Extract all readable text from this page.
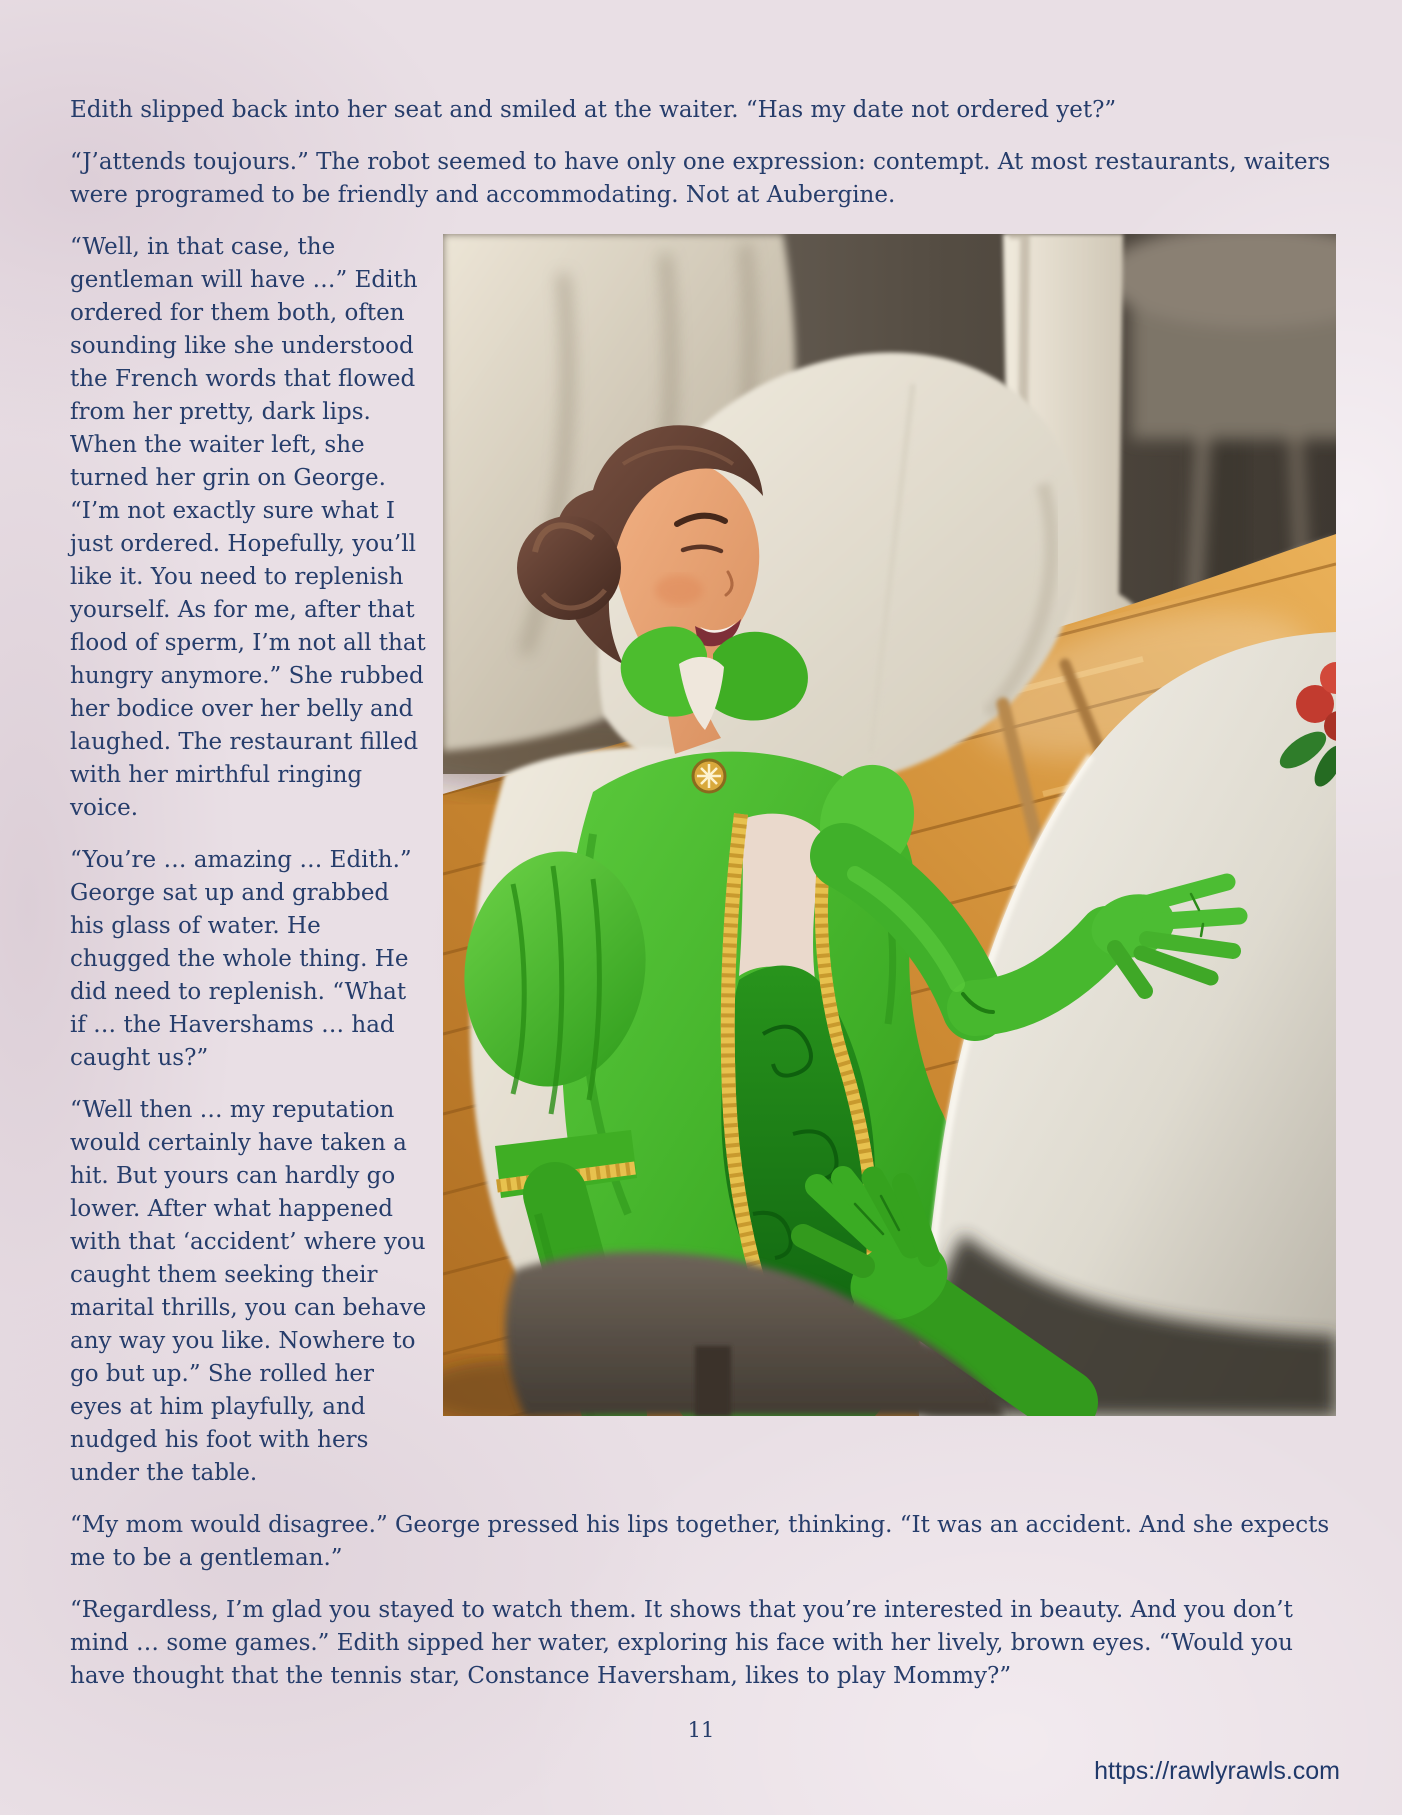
Edith slipped back into her seat and smiled at the waiter. “Has my date not ordered yet?”

“J’attends toujours.” The robot seemed to have only one expression: contempt. At most restaurants, waiters were programed to be friendly and accommodating. Not at Aubergine.

“Well, in that case, the gentleman will have …” Edith ordered for them both, often sounding like she understood the French words that flowed from her pretty, dark lips. When the waiter left, she turned her grin on George. “I’m not exactly sure what I just ordered. Hopefully, you’ll like it. You need to replenish yourself. As for me, after that flood of sperm, I’m not all that hungry anymore.” She rubbed her bodice over her belly and laughed. The restaurant filled with her mirthful ringing voice.

“You’re … amazing … Edith.” George sat up and grabbed his glass of water. He chugged the whole thing. He did need to replenish. “What if … the Havershams … had caught us?”

“Well then … my reputation would certainly have taken a hit. But yours can hardly go lower. After what happened with that ‘accident’ where you caught them seeking their marital thrills, you can behave any way you like. Nowhere to go but up.” She rolled her eyes at him playfully, and nudged his foot with hers under the table.

“My mom would disagree.” George pressed his lips together, thinking. “It was an accident. And she expects me to be a gentleman.”

“Regardless, I’m glad you stayed to watch them. It shows that you’re interested in beauty. And you don’t mind … some games.” Edith sipped her water, exploring his face with her lively, brown eyes. “Would you have thought that the tennis star, Constance Haversham, likes to play Mommy?”

11
https://rawlyrawls.com
